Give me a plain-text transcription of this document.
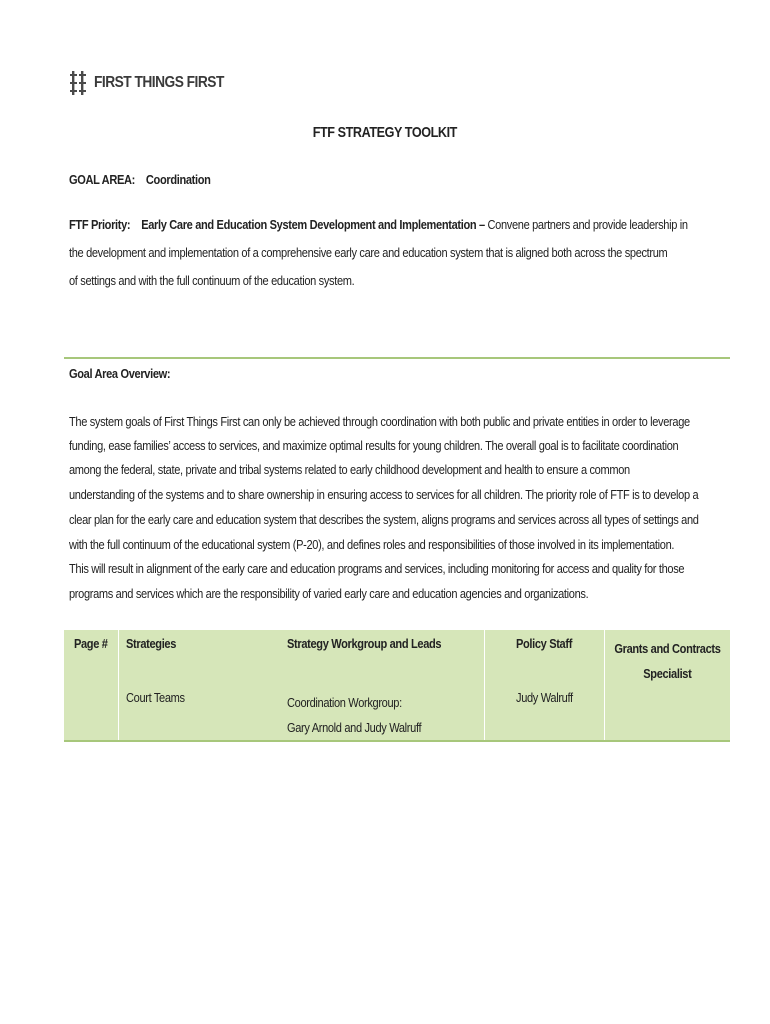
FIRST THINGS FIRST
FTF STRATEGY TOOLKIT
GOAL AREA: Coordination
FTF Priority: Early Care and Education System Development and Implementation – Convene partners and provide leadership in
the development and implementation of a comprehensive early care and education system that is aligned both across the spectrum
of settings and with the full continuum of the education system.
Goal Area Overview:
The system goals of First Things First can only be achieved through coordination with both public and private entities in order to leverage
funding, ease families’ access to services, and maximize optimal results for young children. The overall goal is to facilitate coordination
among the federal, state, private and tribal systems related to early childhood development and health to ensure a common
understanding of the systems and to share ownership in ensuring access to services for all children. The priority role of FTF is to develop a
clear plan for the early care and education system that describes the system, aligns programs and services across all types of settings and
with the full continuum of the educational system (P-20), and defines roles and responsibilities of those involved in its implementation.
This will result in alignment of the early care and education programs and services, including monitoring for access and quality for those
programs and services which are the responsibility of varied early care and education agencies and organizations.
Page #	Strategies	Strategy Workgroup and Leads	Policy Staff	Grants and Contracts
Specialist
	Court Teams	Coordination Workgroup:
Gary Arnold and Judy Walruff	Judy Walruff	
